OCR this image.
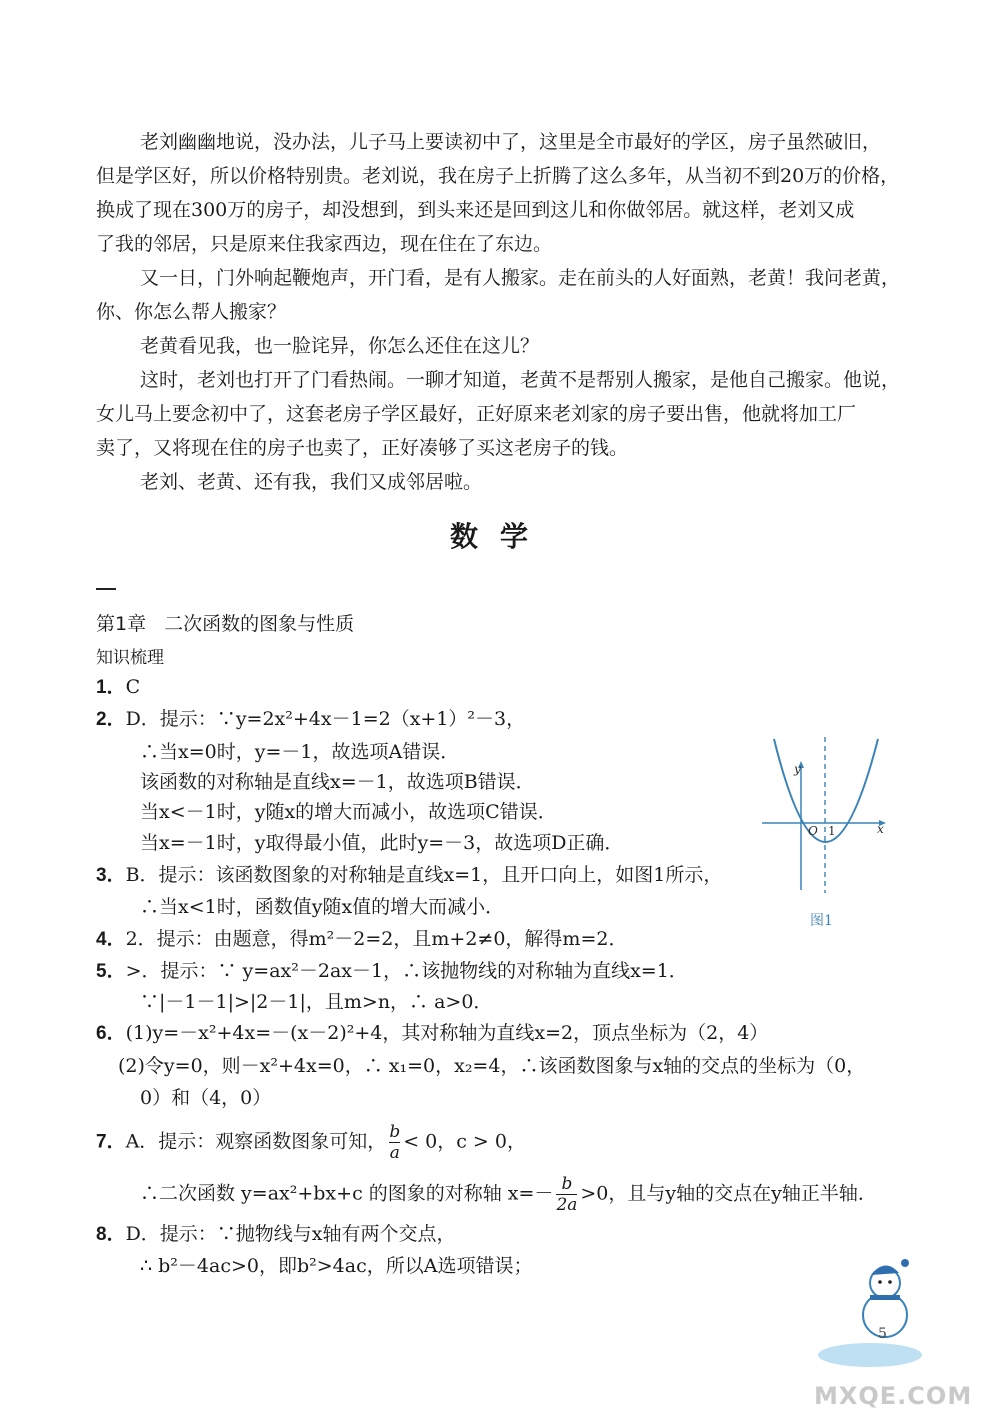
老刘幽幽地说，没办法，儿子马上要读初中了，这里是全市最好的学区，房子虽然破旧，
但是学区好，所以价格特别贵。老刘说，我在房子上折腾了这么多年，从当初不到20万的价格，
换成了现在300万的房子，却没想到，到头来还是回到这儿和你做邻居。就这样，老刘又成
了我的邻居，只是原来住我家西边，现在住在了东边。
又一日，门外响起鞭炮声，开门看，是有人搬家。走在前头的人好面熟，老黄！我问老黄，
你、你怎么帮人搬家？
老黄看见我，也一脸诧异，你怎么还住在这儿？
这时，老刘也打开了门看热闹。一聊才知道，老黄不是帮别人搬家，是他自己搬家。他说，
女儿马上要念初中了，这套老房子学区最好，正好原来老刘家的房子要出售，他就将加工厂
卖了，又将现在住的房子也卖了，正好凑够了买这老房子的钱。
老刘、老黄、还有我，我们又成邻居啦。
数学
第1章 二次函数的图象与性质
知识梳理
1．C
2．D．提示：∵y=2x²+4x－1=2（x+1）²－3，
∴当x=0时，y=－1，故选项A错误．
该函数的对称轴是直线x=－1，故选项B错误．
当x<－1时，y随x的增大而减小，故选项C错误．
当x=－1时，y取得最小值，此时y=－3，故选项D正确．
3．B．提示：该函数图象的对称轴是直线x=1，且开口向上，如图1所示，
∴当x<1时，函数值y随x值的增大而减小．
4．2．提示：由题意，得m²－2=2，且m+2≠0，解得m=2．
5．>．提示：∵ y=ax²－2ax－1，∴该抛物线的对称轴为直线x=1．
∵|－1－1|>|2－1|，且m>n，∴ a>0．
6．(1)y=－x²+4x=－(x－2)²+4，其对称轴为直线x=2，顶点坐标为（2，4）
(2)令y=0，则－x²+4x=0，∴ x₁=0，x₂=4，∴该函数图象与x轴的交点的坐标为（0，
0）和（4，0）
7．A．提示：观察函数图象可知， $\frac{b}{a} < 0$，c > 0，
∴二次函数 y=ax²+bx+c 的图象的对称轴 $x=- \frac{b}{2a} >0$，且与y轴的交点在y轴正半轴．
8．D．提示：∵抛物线与x轴有两个交点，
∴ b²－4ac>0，即b²>4ac，所以A选项错误；
y
x
O 1
图1
5
MXQE.COM
